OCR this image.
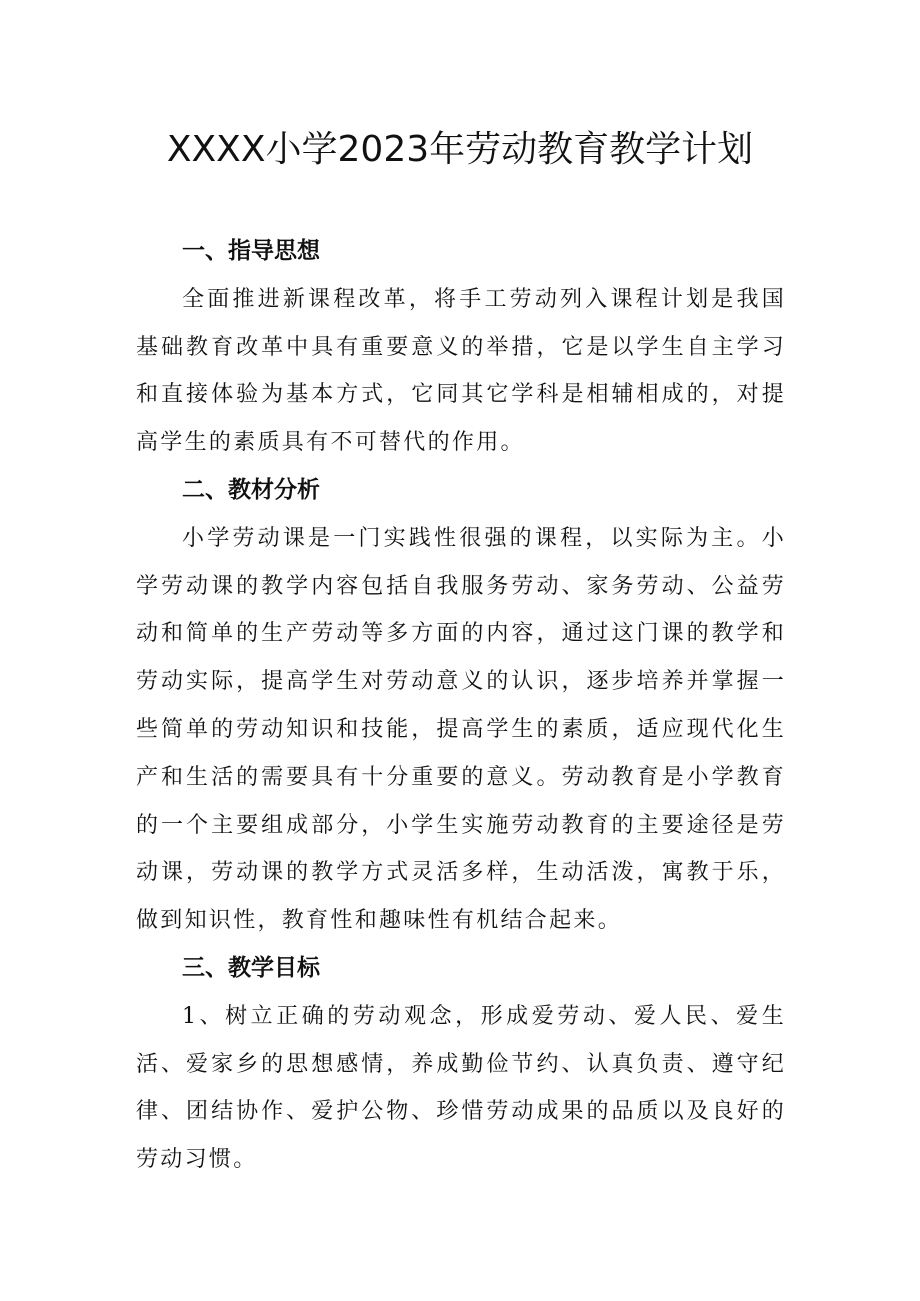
XXXX小学2023年劳动教育教学计划
一、指导思想

全面推进新课程改革，将手工劳动列入课程计划是我国基础教育改革中具有重要意义的举措，它是以学生自主学习和直接体验为基本方式，它同其它学科是相辅相成的，对提高学生的素质具有不可替代的作用。

二、教材分析

小学劳动课是一门实践性很强的课程，以实际为主。小学劳动课的教学内容包括自我服务劳动、家务劳动、公益劳动和简单的生产劳动等多方面的内容，通过这门课的教学和劳动实际，提高学生对劳动意义的认识，逐步培养并掌握一些简单的劳动知识和技能，提高学生的素质，适应现代化生产和生活的需要具有十分重要的意义。劳动教育是小学教育的一个主要组成部分，小学生实施劳动教育的主要途径是劳动课，劳动课的教学方式灵活多样，生动活泼，寓教于乐，做到知识性，教育性和趣味性有机结合起来。

三、教学目标

1、树立正确的劳动观念，形成爱劳动、爱人民、爱生活、爱家乡的思想感情，养成勤俭节约、认真负责、遵守纪律、团结协作、爱护公物、珍惜劳动成果的品质以及良好的劳动习惯。
